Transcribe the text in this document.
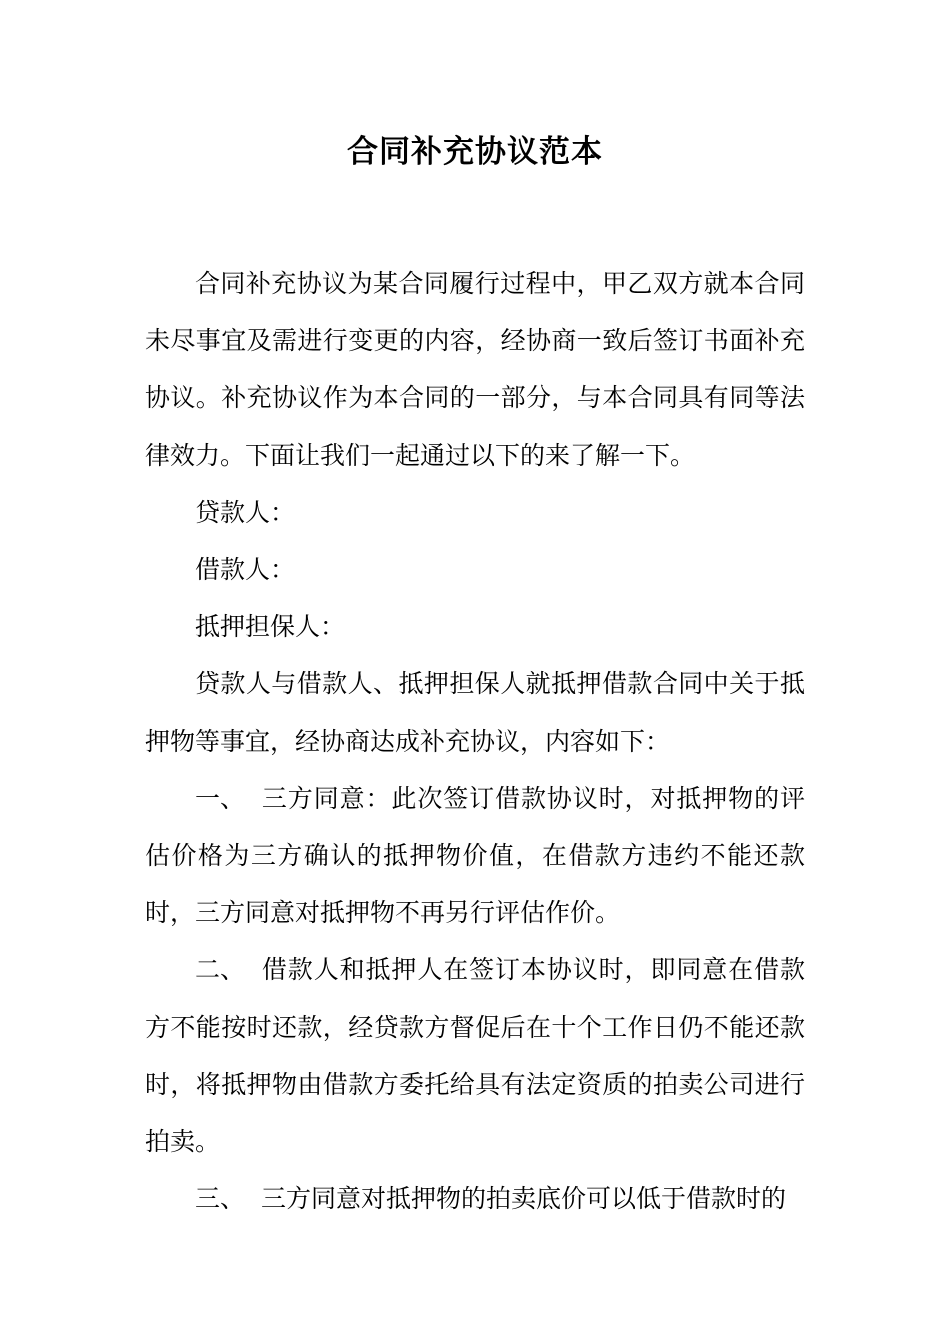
合同补充协议范本

合同补充协议为某合同履行过程中，甲乙双方就本合同未尽事宜及需进行变更的内容，经协商一致后签订书面补充协议。补充协议作为本合同的一部分，与本合同具有同等法律效力。下面让我们一起通过以下的来了解一下。

贷款人：

借款人：

抵押担保人：

贷款人与借款人、抵押担保人就抵押借款合同中关于抵押物等事宜，经协商达成补充协议，内容如下：

一、 三方同意：此次签订借款协议时，对抵押物的评估价格为三方确认的抵押物价值，在借款方违约不能还款时，三方同意对抵押物不再另行评估作价。

二、 借款人和抵押人在签订本协议时，即同意在借款方不能按时还款，经贷款方督促后在十个工作日仍不能还款时，将抵押物由借款方委托给具有法定资质的拍卖公司进行拍卖。

三、 三方同意对抵押物的拍卖底价可以低于借款时的
